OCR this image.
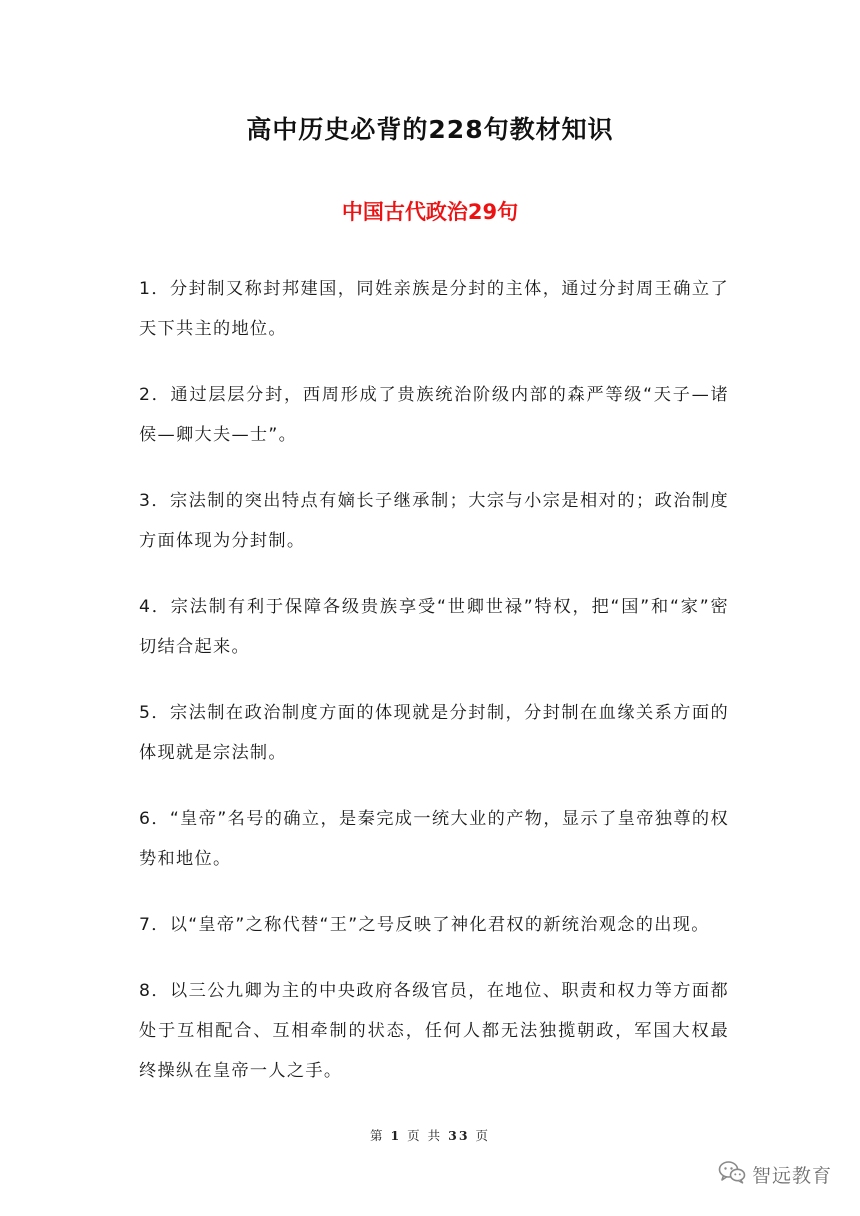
高中历史必背的228句教材知识
中国古代政治29句

1．分封制又称封邦建国，同姓亲族是分封的主体，通过分封周王确立了天下共主的地位。

2．通过层层分封，西周形成了贵族统治阶级内部的森严等级“天子—诸侯—卿大夫—士”。

3．宗法制的突出特点有嫡长子继承制；大宗与小宗是相对的；政治制度方面体现为分封制。

4．宗法制有利于保障各级贵族享受“世卿世禄”特权，把“国”和“家”密切结合起来。

5．宗法制在政治制度方面的体现就是分封制，分封制在血缘关系方面的体现就是宗法制。

6．“皇帝”名号的确立，是秦完成一统大业的产物，显示了皇帝独尊的权势和地位。

7．以“皇帝”之称代替“王”之号反映了神化君权的新统治观念的出现。

8．以三公九卿为主的中央政府各级官员，在地位、职责和权力等方面都处于互相配合、互相牵制的状态，任何人都无法独揽朝政，军国大权最终操纵在皇帝一人之手。

第 1 页 共 33 页
智远教育
